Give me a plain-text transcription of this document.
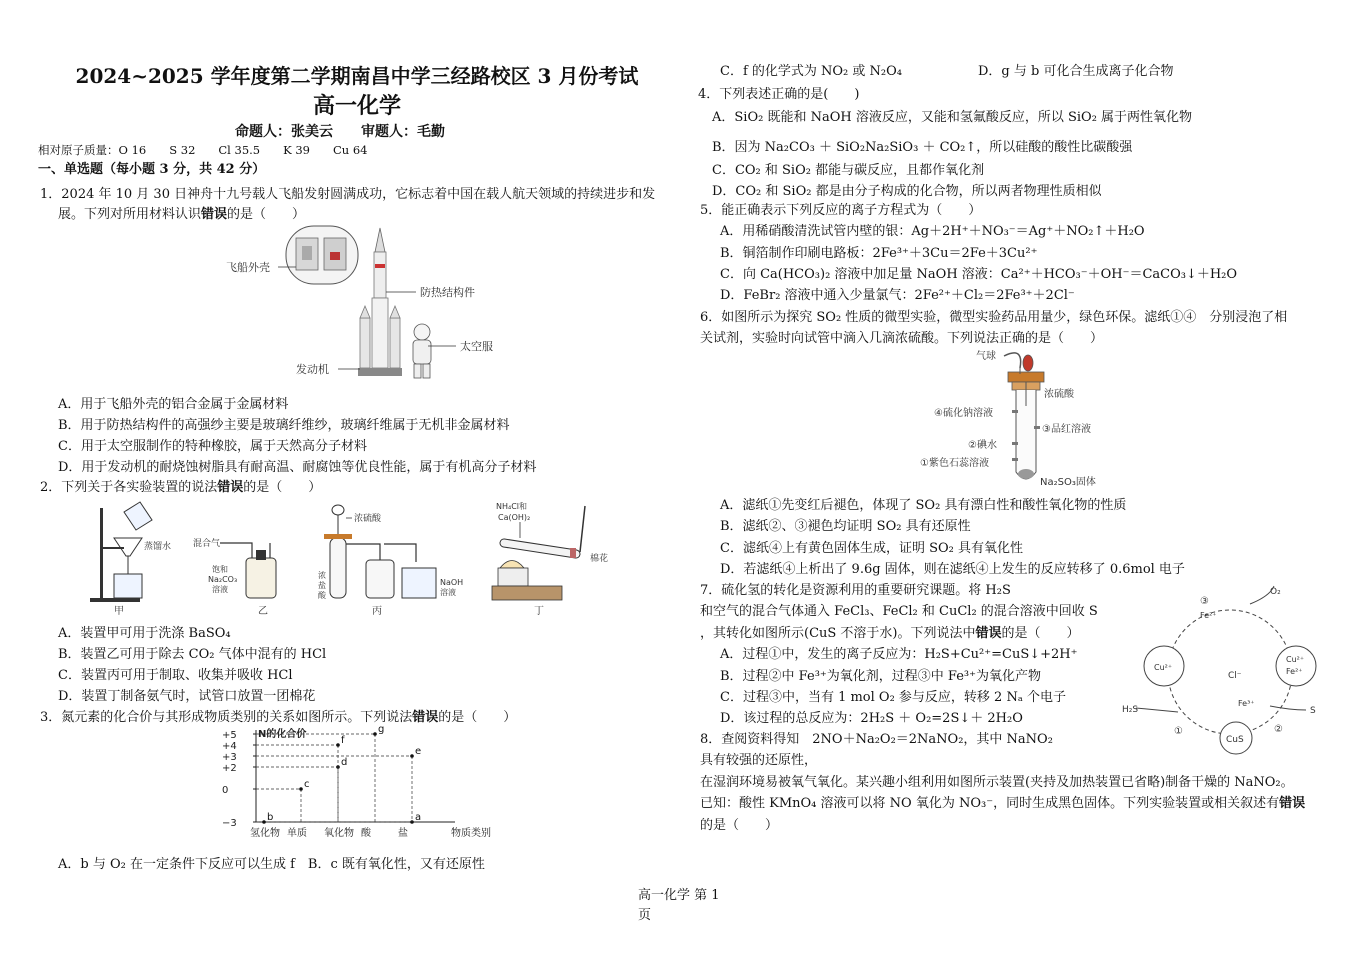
2024~2025 学年度第二学期南昌中学三经路校区 3 月份考试
高一化学
命题人：张美云　　审题人：毛勤
相对原子质量：O 16　　S 32　　Cl 35.5　　K 39　　Cu 64
一、单选题（每小题 3 分，共 42 分）
1．2024 年 10 月 30 日神舟十九号载人飞船发射圆满成功，它标志着中国在载人航天领域的持续进步和发
展。下列对所用材料认识错误的是（　　）
飞船外壳
防热结构件
太空服
发动机
A．用于飞船外壳的铝合金属于金属材料
B．用于防热结构件的高强纱主要是玻璃纤维纱，玻璃纤维属于无机非金属材料
C．用于太空服制作的特种橡胶，属于天然高分子材料
D．用于发动机的耐烧蚀树脂具有耐高温、耐腐蚀等优良性能，属于有机高分子材料
2．下列关于各实验装置的说法错误的是（　　）
蒸馏水
甲
混合气
饱和
Na₂CO₃
溶液
乙
浓硫酸
浓
盐
酸
NaOH
溶液
丙
NH₄Cl和
Ca(OH)₂
棉花
丁
A．装置甲可用于洗涤 BaSO₄
B．装置乙可用于除去 CO₂ 气体中混有的 HCl
C．装置丙可用于制取、收集并吸收 HCl
D．装置丁制备氨气时，试管口放置一团棉花
3．氮元素的化合价与其形成物质类别的关系如图所示。下列说法错误的是（　　）
N的化合价
+5
+4
+3
+2
0
−3
氢化物 单质 氧化物 酸	盐	物质类别
a
b
c
d
e
f
g
A．b 与 O₂ 在一定条件下反应可以生成 f　B．c 既有氧化性，又有还原性
C．f 的化学式为 NO₂ 或 N₂O₄	D．g 与 b 可化合生成离子化合物
4．下列表述正确的是(　　)
A．SiO₂ 既能和 NaOH 溶液反应，又能和氢氟酸反应，所以 SiO₂ 属于两性氧化物
B．因为 Na₂CO₃ ＋ SiO₂Na₂SiO₃ ＋ CO₂↑，所以硅酸的酸性比碳酸强
C．CO₂ 和 SiO₂ 都能与碳反应，且都作氧化剂
D．CO₂ 和 SiO₂ 都是由分子构成的化合物，所以两者物理性质相似
5．能正确表示下列反应的离子方程式为（　　）
A．用稀硝酸清洗试管内壁的银：Ag＋2H⁺＋NO₃⁻＝Ag⁺＋NO₂↑＋H₂O
B．铜箔制作印刷电路板：2Fe³⁺＋3Cu＝2Fe＋3Cu²⁺
C．向 Ca(HCO₃)₂ 溶液中加足量 NaOH 溶液：Ca²⁺＋HCO₃⁻＋OH⁻＝CaCO₃↓＋H₂O
D．FeBr₂ 溶液中通入少量氯气：2Fe²⁺＋Cl₂＝2Fe³⁺＋2Cl⁻
6．如图所示为探究 SO₂ 性质的微型实验，微型实验药品用量少，绿色环保。滤纸①④　分别浸泡了相
关试剂，实验时向试管中滴入几滴浓硫酸。下列说法正确的是（　　）
气球
浓硫酸
④硫化钠溶液
③品红溶液
②碘水
①紫色石蕊溶液
Na₂SO₃固体
A．滤纸①先变红后褪色，体现了 SO₂ 具有漂白性和酸性氧化物的性质
B．滤纸②、③褪色均证明 SO₂ 具有还原性
C．滤纸④上有黄色固体生成，证明 SO₂ 具有氧化性
D．若滤纸④上析出了 9.6g 固体，则在滤纸④上发生的反应转移了 0.6mol 电子
7．硫化氢的转化是资源利用的重要研究课题。将 H₂S
和空气的混合气体通入 FeCl₃、FeCl₂ 和 CuCl₂ 的混合溶液中回收 S
，其转化如图所示(CuS 不溶于水)。下列说法中错误的是（　　）
A．过程①中，发生的离子反应为：H₂S+Cu²⁺=CuS↓+2H⁺
B．过程②中 Fe³⁺为氧化剂，过程③中 Fe³⁺为氧化产物
C．过程③中，当有 1 mol O₂ 参与反应，转移 2 Nₐ 个电子
D．该过程的总反应为：2H₂S ＋ O₂=2S↓＋ 2H₂O
O₂
③
Fe²⁺
Cu²⁺
Cl⁻
Cu²⁺
Fe²⁺
Fe³⁺
H₂S	S
①
CuS
②
8．查阅资料得知　2NO＋Na₂O₂＝2NaNO₂，其中 NaNO₂
具有较强的还原性，
在湿润环境易被氧气氧化。某兴趣小组利用如图所示装置(夹持及加热装置已省略)制备干燥的 NaNO₂。
已知：酸性 KMnO₄ 溶液可以将 NO 氧化为 NO₃⁻，同时生成黑色固体。下列实验装置或相关叙述有错误
的是（　　）
高一化学 第 1
页
